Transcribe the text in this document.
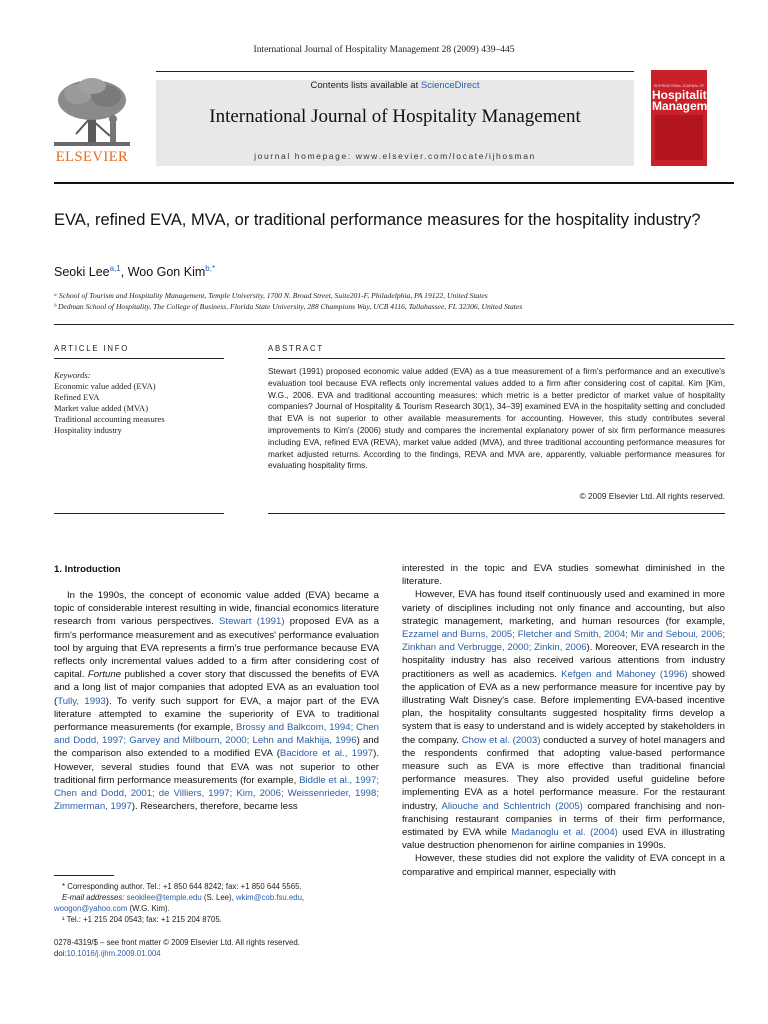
International Journal of Hospitality Management 28 (2009) 439–445
ELSEVIER
Contents lists available at ScienceDirect
International Journal of Hospitality Management
journal homepage: www.elsevier.com/locate/ijhosman
INTERNATIONAL JOURNAL OF
Hospitality Management
EVA, refined EVA, MVA, or traditional performance measures for the hospitality industry?
Seoki Lee$^{a,1}$, Woo Gon Kim$^{b,*}$
ᵃ School of Tourism and Hospitality Management, Temple University, 1700 N. Broad Street, Suite201-F, Philadelphia, PA 19122, United States
ᵇ Dedman School of Hospitality, The College of Business, Florida State University, 288 Champions Way, UCB 4116, Tallahassee, FL 32306, United States
ARTICLE INFO
Keywords:
Economic value added (EVA)
Refined EVA
Market value added (MVA)
Traditional accounting measures
Hospitality industry
ABSTRACT
Stewart (1991) proposed economic value added (EVA) as a true measurement of a firm's performance and an executive's evaluation tool because EVA reflects only incremental values added to a firm after considering cost of capital. Kim [Kim, W.G., 2006. EVA and traditional accounting measures: which metric is a better predictor of market value of hospitality companies? Journal of Hospitality & Tourism Research 30(1), 34–39] examined EVA in the hospitality setting and concluded that EVA is not superior to other available measurements for accounting. However, this study contributes several improvements to Kim's (2006) study and compares the incremental explanatory power of six firm performance measures including EVA, refined EVA (REVA), market value added (MVA), and three traditional accounting performance measures for market adjusted returns. According to the findings, REVA and MVA are, apparently, valuable performance measures for evaluating hospitality firms.
© 2009 Elsevier Ltd. All rights reserved.
1. Introduction

In the 1990s, the concept of economic value added (EVA) became a topic of considerable interest resulting in wide, financial economics literature research from various perspectives. Stewart (1991) proposed EVA as a firm's performance measurement and as executives' performance evaluation tool by arguing that EVA represents a firm's true performance because EVA reflects only incremental values added to a firm after considering cost of capital. Fortune published a cover story that discussed the benefits of EVA and a long list of major companies that adopted EVA as an evaluation tool (Tully, 1993). To verify such support for EVA, a major part of the EVA literature attempted to examine the superiority of EVA to traditional performance measurements (for example, Brossy and Balkcom, 1994; Chen and Dodd, 1997; Garvey and Milbourn, 2000; Lehn and Makhija, 1996) and the comparison also extended to a modified EVA (Bacidore et al., 1997). However, several studies found that EVA was not superior to other traditional firm performance measurements (for example, Biddle et al., 1997; Chen and Dodd, 2001; de Villiers, 1997; Kim, 2006; Weissenrieder, 1998; Zimmerman, 1997). Researchers, therefore, became less

interested in the topic and EVA studies somewhat diminished in the literature.

However, EVA has found itself continuously used and examined in more variety of disciplines including not only finance and accounting, but also strategic management, marketing, and human resources (for example, Ezzamel and Burns, 2005; Fletcher and Smith, 2004; Mir and Seboui, 2006; Zinkhan and Verbrugge, 2000; Zinkin, 2006). Moreover, EVA research in the hospitality industry has also received various attentions from industry practitioners as well as academics. Kefgen and Mahoney (1996) showed the application of EVA as a new performance measure for incentive pay by illustrating Walt Disney's case. Before implementing EVA-based incentive plan, the hospitality consultants suggested hospitality firms develop a system that is easy to understand and is widely accepted by stakeholders in the company. Chow et al. (2003) conducted a survey of hotel managers and the respondents confirmed that adopting value-based performance measure such as EVA is more effective than traditional financial performance measures. They also provided useful guideline before implementing EVA as a hotel performance measure. For the restaurant industry, Aliouche and Schlentrich (2005) compared franchising and non-franchising restaurant companies in terms of their firm performance, estimated by EVA while Madanoglu et al. (2004) used EVA in illustrating value destruction phenomenon for airline companies in 1990s.

However, these studies did not explore the validity of EVA concept in a comparative and empirical manner, especially with

* Corresponding author. Tel.: +1 850 644 8242; fax: +1 850 644 5565.
E-mail addresses: seokilee@temple.edu (S. Lee), wkim@cob.fsu.edu,
woogon@yahoo.com (W.G. Kim).
¹ Tel.: +1 215 204 0543; fax: +1 215 204 8705.
0278-4319/$ – see front matter © 2009 Elsevier Ltd. All rights reserved.
doi:10.1016/j.ijhm.2009.01.004
